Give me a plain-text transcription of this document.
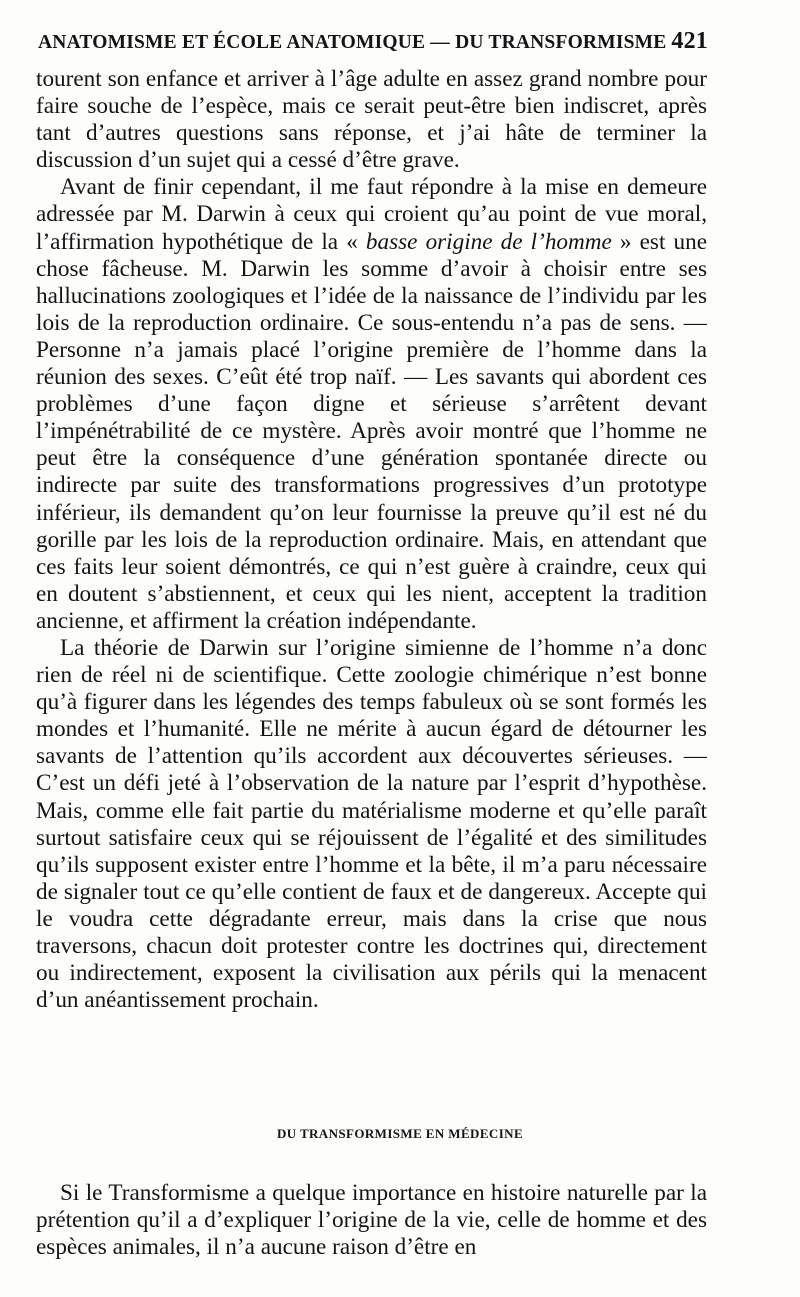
ANATOMISME ET ÉCOLE ANATOMIQUE — DU TRANSFORMISME 421

tourent son enfance et arriver à l’âge adulte en assez grand nombre pour faire souche de l’espèce, mais ce serait peut-être bien indiscret, après tant d’autres questions sans réponse, et j’ai hâte de terminer la discussion d’un sujet qui a cessé d’être grave.

Avant de finir cependant, il me faut répondre à la mise en demeure adressée par M. Darwin à ceux qui croient qu’au point de vue moral, l’affirmation hypothétique de la « basse origine de l’homme » est une chose fâcheuse. M. Darwin les somme d’avoir à choisir entre ses hallucinations zoologiques et l’idée de la naissance de l’individu par les lois de la reproduction ordinaire. Ce sous-entendu n’a pas de sens. — Personne n’a jamais placé l’origine première de l’homme dans la réunion des sexes. C’eût été trop naïf. — Les savants qui abordent ces problèmes d’une façon digne et sérieuse s’arrêtent devant l’impénétrabilité de ce mystère. Après avoir montré que l’homme ne peut être la conséquence d’une génération spontanée directe ou indirecte par suite des transformations progressives d’un prototype inférieur, ils demandent qu’on leur fournisse la preuve qu’il est né du gorille par les lois de la reproduction ordinaire. Mais, en attendant que ces faits leur soient démontrés, ce qui n’est guère à craindre, ceux qui en doutent s’abstiennent, et ceux qui les nient, acceptent la tradition ancienne, et affirment la création indépendante.

La théorie de Darwin sur l’origine simienne de l’homme n’a donc rien de réel ni de scientifique. Cette zoologie chimérique n’est bonne qu’à figurer dans les légendes des temps fabuleux où se sont formés les mondes et l’humanité. Elle ne mérite à aucun égard de détourner les savants de l’attention qu’ils accordent aux découvertes sérieuses. — C’est un défi jeté à l’observation de la nature par l’esprit d’hypothèse. Mais, comme elle fait partie du matérialisme moderne et qu’elle paraît surtout satisfaire ceux qui se réjouissent de l’égalité et des similitudes qu’ils supposent exister entre l’homme et la bête, il m’a paru nécessaire de signaler tout ce qu’elle contient de faux et de dangereux. Accepte qui le voudra cette dégradante erreur, mais dans la crise que nous traversons, chacun doit protester contre les doctrines qui, directement ou indirectement, exposent la civilisation aux périls qui la menacent d’un anéantissement prochain.

DU TRANSFORMISME EN MÉDECINE

Si le Transformisme a quelque importance en histoire naturelle par la prétention qu’il a d’expliquer l’origine de la vie, celle de homme et des espèces animales, il n’a aucune raison d’être en
